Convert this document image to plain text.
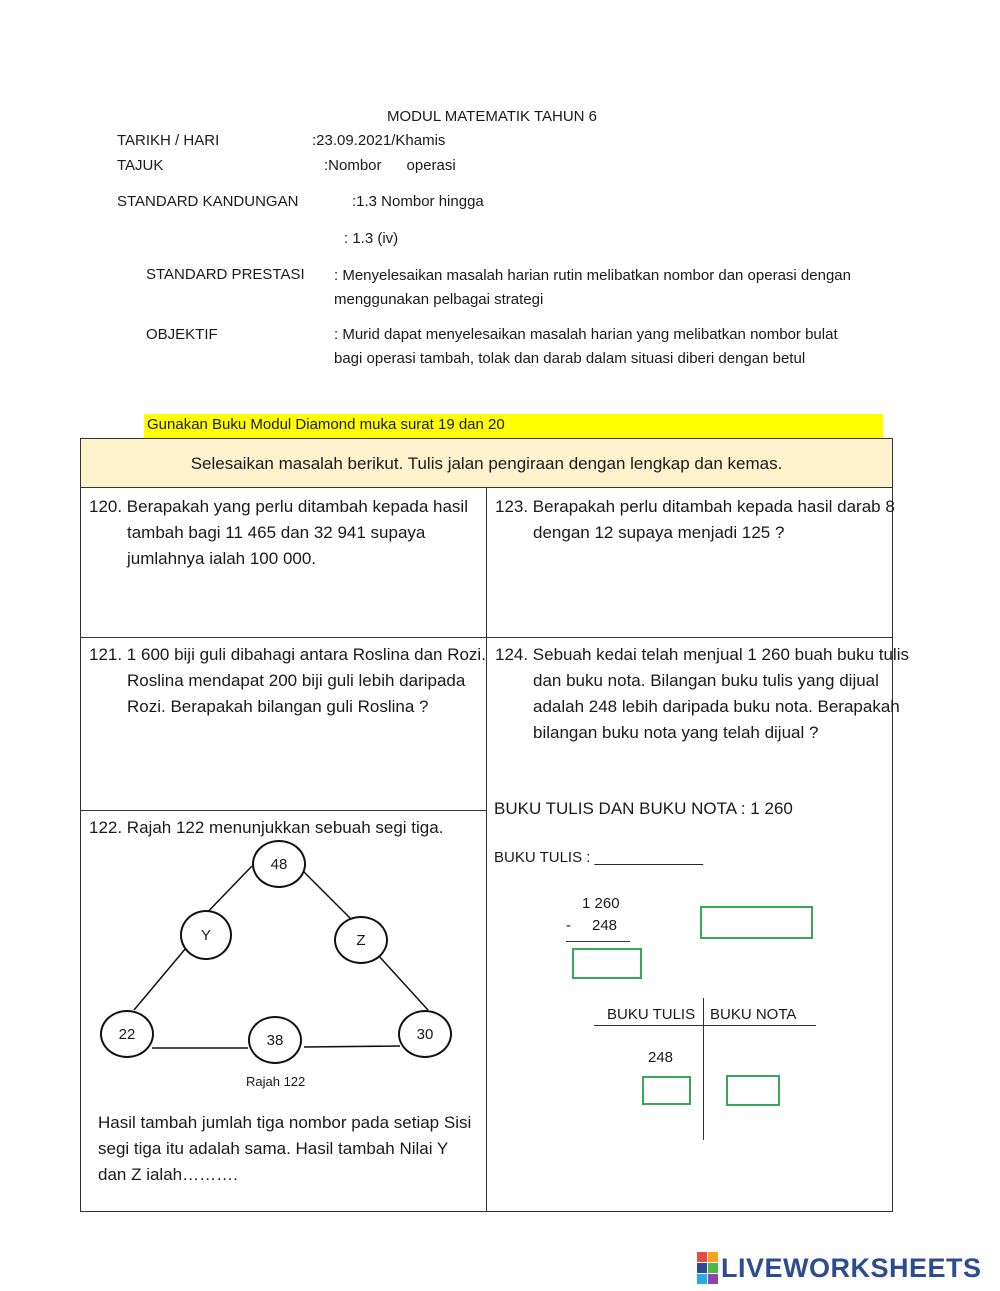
MODUL MATEMATIK TAHUN 6
TARIKH / HARI	:23.09.2021/Khamis
TAJUK	:Nombor      operasi
STANDARD KANDUNGAN	:1.3 Nombor hingga
: 1.3 (iv)
STANDARD PRESTASI : Menyelesaikan masalah harian rutin melibatkan nombor dan operasi dengan menggunakan pelbagai strategi
OBJEKTIF	: Murid dapat menyelesaikan masalah harian yang melibatkan nombor bulat bagi operasi tambah, tolak dan darab dalam situasi diberi dengan betul
Gunakan Buku Modul Diamond muka surat 19 dan 20
Selesaikan masalah berikut. Tulis jalan pengiraan dengan lengkap dan kemas.
120. Berapakah yang perlu ditambah kepada hasil tambah bagi 11 465 dan 32 941 supaya jumlahnya ialah 100 000.
123. Berapakah perlu ditambah kepada hasil darab 8 dengan 12 supaya menjadi 125 ?
121. 1 600 biji guli dibahagi antara Roslina dan Rozi. Roslina mendapat 200 biji guli lebih daripada Rozi. Berapakah bilangan guli Roslina ?
122. Rajah 122 menunjukkan sebuah segi tiga.
124. Sebuah kedai telah menjual 1 260 buah buku tulis dan buku nota. Bilangan buku tulis yang dijual adalah 248 lebih daripada buku nota. Berapakah bilangan buku nota yang telah dijual ?
48
Y	Z
22	38	30
Rajah 122
Hasil tambah jumlah tiga nombor pada setiap Sisi segi tiga itu adalah sama. Hasil tambah Nilai Y dan Z ialah……….
BUKU TULIS DAN BUKU NOTA : 1 260
BUKU TULIS : _____________
1 260
- 248
BUKU TULIS BUKU NOTA
248
LIVEWORKSHEETS
